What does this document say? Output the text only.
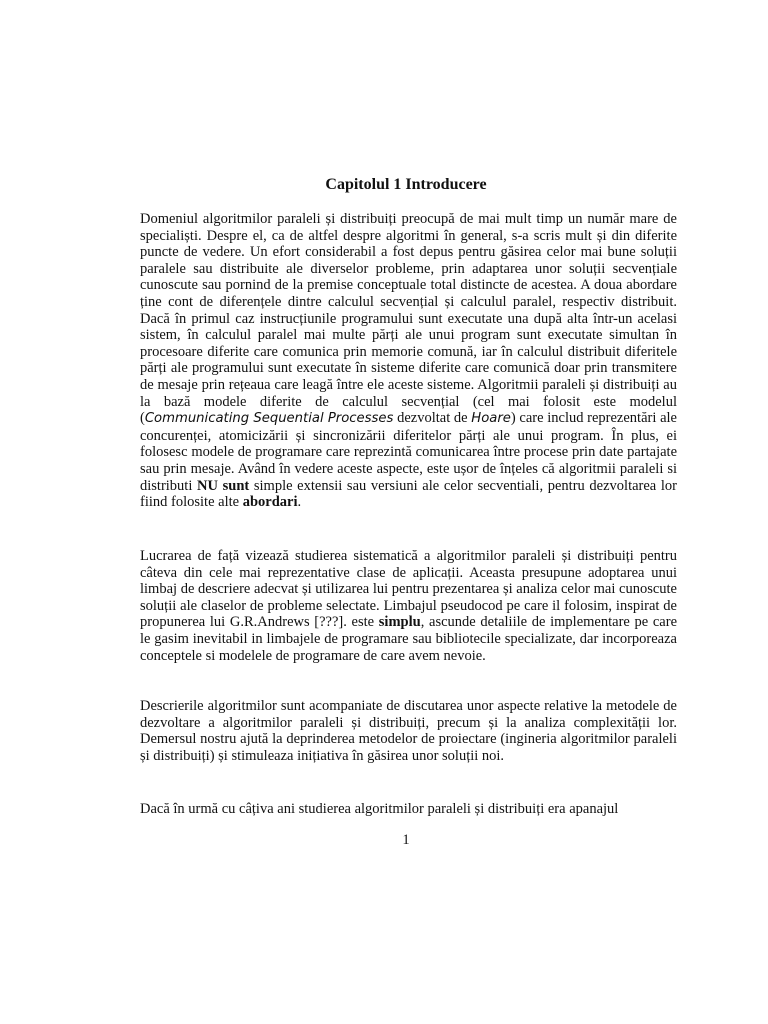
Capitolul 1 Introducere

Domeniul algoritmilor paraleli și distribuiți preocupă de mai mult timp un număr mare de specialiști. Despre el, ca de altfel despre algoritmi în general, s-a scris mult și din diferite puncte de vedere. Un efort considerabil a fost depus pentru găsirea celor mai bune soluții paralele sau distribuite ale diverselor probleme, prin adaptarea unor soluții secvențiale cunoscute sau pornind de la premise conceptuale total distincte de acestea. A doua abordare ține cont de diferențele dintre calculul secvențial și calculul paralel, respectiv distribuit. Dacă în primul caz instrucțiunile programului sunt executate una după alta într-un acelasi sistem, în calculul paralel mai multe părți ale unui program sunt executate simultan în procesoare diferite care comunica prin memorie comună, iar în calculul distribuit diferitele părți ale programului sunt executate în sisteme diferite care comunică doar prin transmitere de mesaje prin rețeaua care leagă între ele aceste sisteme. Algoritmii paraleli și distribuiți au la bază modele diferite de calculul secvențial (cel mai folosit este modelul (Communicating Sequential Processes dezvoltat de Hoare) care includ reprezentări ale concurenței, atomicizării și sincronizării diferitelor părți ale unui program. În plus, ei folosesc modele de programare care reprezintă comunicarea între procese prin date partajate sau prin mesaje. Având în vedere aceste aspecte, este ușor de înțeles că algoritmii paraleli si distributi NU sunt simple extensii sau versiuni ale celor secventiali, pentru dezvoltarea lor fiind folosite alte abordari.

Lucrarea de față vizează studierea sistematică a algoritmilor paraleli și distribuiți pentru câteva din cele mai reprezentative clase de aplicații. Aceasta presupune adoptarea unui limbaj de descriere adecvat și utilizarea lui pentru prezentarea și analiza celor mai cunoscute soluții ale claselor de probleme selectate. Limbajul pseudocod pe care il folosim, inspirat de propunerea lui G.R.Andrews [???]. este simplu, ascunde detaliile de implementare pe care le gasim inevitabil in limbajele de programare sau bibliotecile specializate, dar incorporeaza conceptele si modelele de programare de care avem nevoie.

Descrierile algoritmilor sunt acompaniate de discutarea unor aspecte relative la metodele de dezvoltare a algoritmilor paraleli și distribuiți, precum și la analiza complexității lor. Demersul nostru ajută la deprinderea metodelor de proiectare (ingineria algoritmilor paraleli și distribuiți) și stimuleaza inițiativa în găsirea unor soluții noi.

Dacă în urmă cu câțiva ani studierea algoritmilor paraleli și distribuiți era apanajul

1
